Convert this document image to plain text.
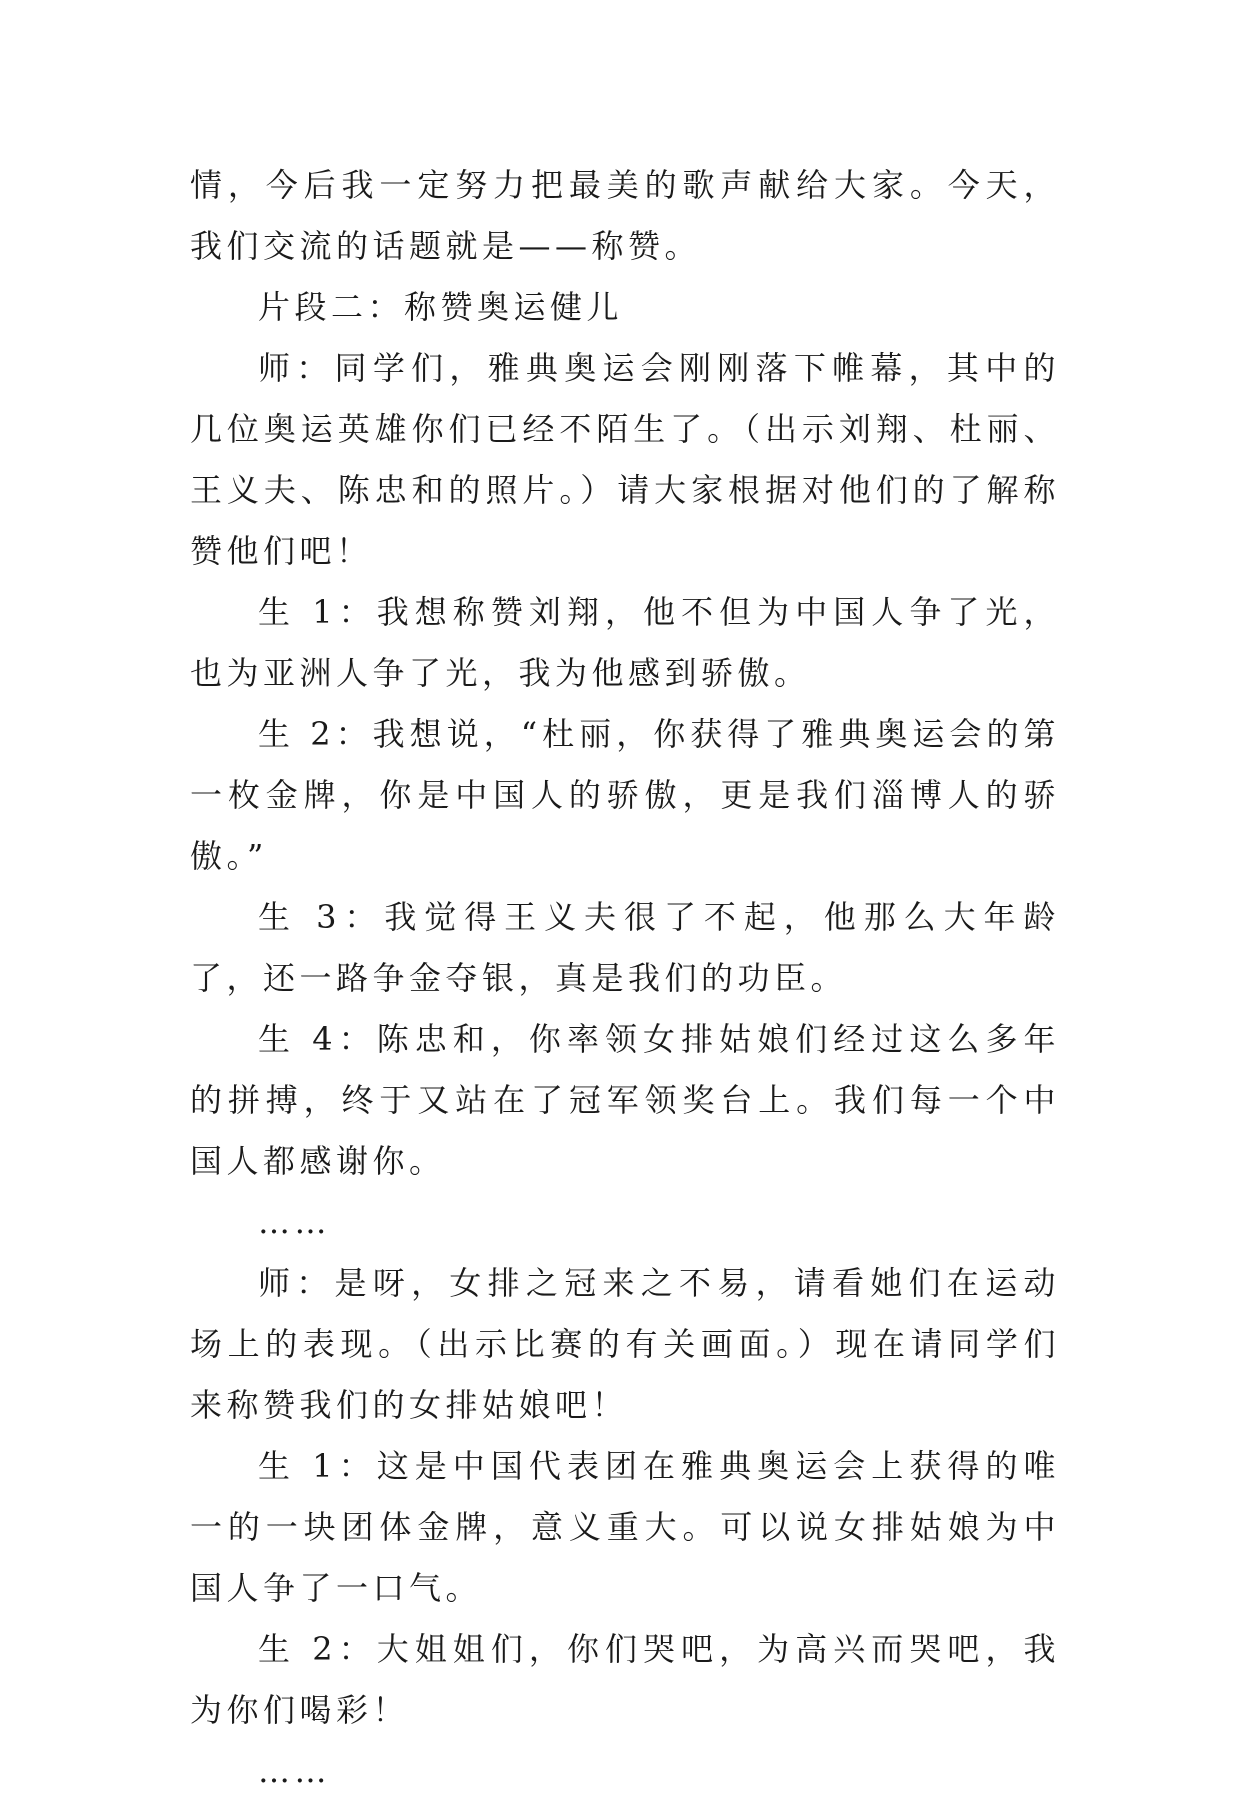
情，今后我一定努力把最美的歌声献给大家。今天，我们交流的话题就是——称赞。

片段二：称赞奥运健儿

师：同学们，雅典奥运会刚刚落下帷幕，其中的几位奥运英雄你们已经不陌生了。（出示刘翔、杜丽、王义夫、陈忠和的照片。）请大家根据对他们的了解称赞他们吧！

生 1：我想称赞刘翔，他不但为中国人争了光，也为亚洲人争了光，我为他感到骄傲。

生 2：我想说，“杜丽，你获得了雅典奥运会的第一枚金牌，你是中国人的骄傲，更是我们淄博人的骄傲。”

生 3：我觉得王义夫很了不起，他那么大年龄了，还一路争金夺银，真是我们的功臣。

生 4：陈忠和，你率领女排姑娘们经过这么多年的拼搏，终于又站在了冠军领奖台上。我们每一个中国人都感谢你。

……

师：是呀，女排之冠来之不易，请看她们在运动场上的表现。（出示比赛的有关画面。）现在请同学们来称赞我们的女排姑娘吧！

生 1：这是中国代表团在雅典奥运会上获得的唯一的一块团体金牌，意义重大。可以说女排姑娘为中国人争了一口气。

生 2：大姐姐们，你们哭吧，为高兴而哭吧，我为你们喝彩！

……
